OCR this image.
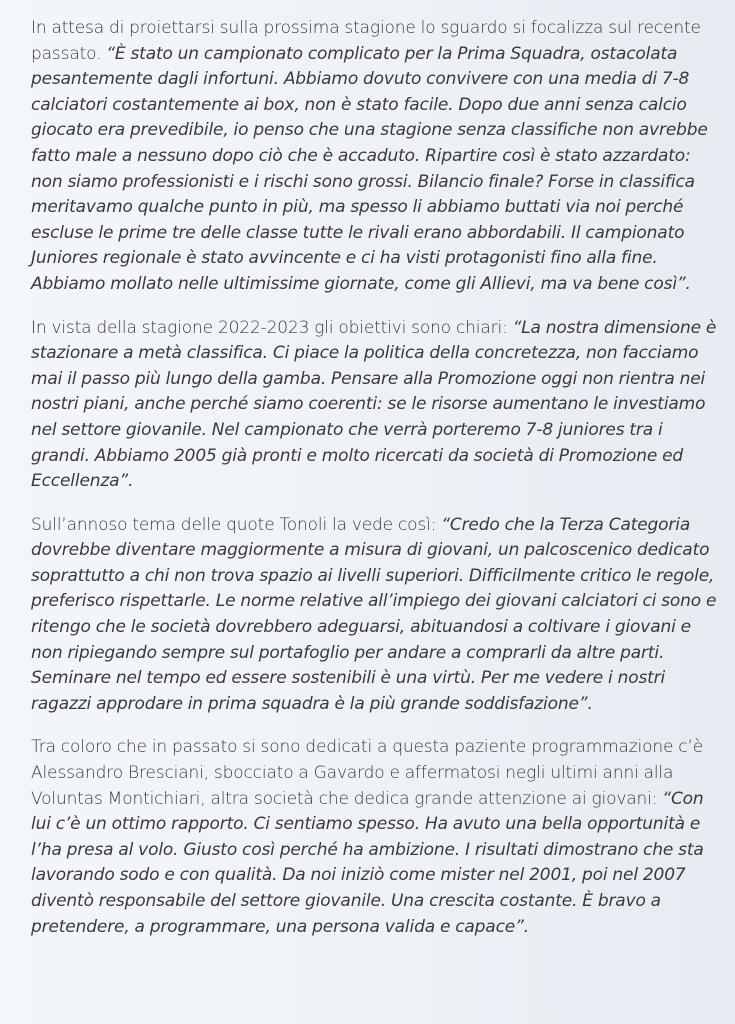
In attesa di proiettarsi sulla prossima stagione lo sguardo si focalizza sul recente passato. “È stato un campionato complicato per la Prima Squadra, ostacolata pesantemente dagli infortuni. Abbiamo dovuto convivere con una media di 7-8 calciatori costantemente ai box, non è stato facile. Dopo due anni senza calcio giocato era prevedibile, io penso che una stagione senza classifiche non avrebbe fatto male a nessuno dopo ciò che è accaduto. Ripartire così è stato azzardato: non siamo professionisti e i rischi sono grossi. Bilancio finale? Forse in classifica meritavamo qualche punto in più, ma spesso li abbiamo buttati via noi perché escluse le prime tre delle classe tutte le rivali erano abbordabili. Il campionato Juniores regionale è stato avvincente e ci ha visti protagonisti fino alla fine. Abbiamo mollato nelle ultimissime giornate, come gli Allievi, ma va bene così”.

In vista della stagione 2022-2023 gli obiettivi sono chiari: “La nostra dimensione è stazionare a metà classifica. Ci piace la politica della concretezza, non facciamo mai il passo più lungo della gamba. Pensare alla Promozione oggi non rientra nei nostri piani, anche perché siamo coerenti: se le risorse aumentano le investiamo nel settore giovanile. Nel campionato che verrà porteremo 7-8 juniores tra i grandi. Abbiamo 2005 già pronti e molto ricercati da società di Promozione ed Eccellenza”.

Sull’annoso tema delle quote Tonoli la vede così: “Credo che la Terza Categoria dovrebbe diventare maggiormente a misura di giovani, un palcoscenico dedicato soprattutto a chi non trova spazio ai livelli superiori. Difficilmente critico le regole, preferisco rispettarle. Le norme relative all’impiego dei giovani calciatori ci sono e ritengo che le società dovrebbero adeguarsi, abituandosi a coltivare i giovani e non ripiegando sempre sul portafoglio per andare a comprarli da altre parti. Seminare nel tempo ed essere sostenibili è una virtù. Per me vedere i nostri ragazzi approdare in prima squadra è la più grande soddisfazione”.

Tra coloro che in passato si sono dedicati a questa paziente programmazione c’è Alessandro Bresciani, sbocciato a Gavardo e affermatosi negli ultimi anni alla Voluntas Montichiari, altra società che dedica grande attenzione ai giovani: “Con lui c’è un ottimo rapporto. Ci sentiamo spesso. Ha avuto una bella opportunità e l’ha presa al volo. Giusto così perché ha ambizione. I risultati dimostrano che sta lavorando sodo e con qualità. Da noi iniziò come mister nel 2001, poi nel 2007 diventò responsabile del settore giovanile. Una crescita costante. È bravo a pretendere, a programmare, una persona valida e capace”.
